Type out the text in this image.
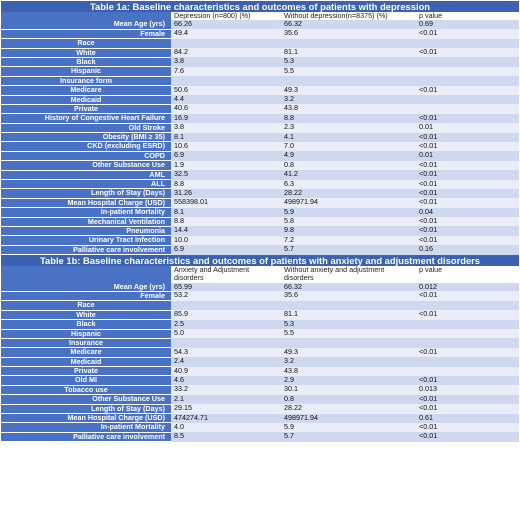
Table 1a: Baseline characteristics and outcomes of patients with depression			
	Depression (n=800) (%)	Without depression(n=8375) (%)	p value
Mean Age (yrs)	66.26	66.32	0.69
Female	49.4	35.6	<0.01
Race			
White	84.2	81.1	<0.01
Black	3.8	5.3	
Hispanic	7.6	5.5	
Insurance form			
Medicare	50.6	49.3	<0.01
Medicaid	4.4	3.2	
Private	40.6	43.8	
History of Congestive Heart Failure	16.9	8.8	<0.01
Old Stroke	3.8	2.3	0.01
Obesity (BMI ≥ 35)	8.1	4.1	<0.01
CKD (excluding ESRD)	10.6	7.0	<0.01
COPD	6.9	4.9	0.01
Other Substance Use	1.9	0.8	<0.01
AML	32.5	41.2	<0.01
ALL	8.8	6.3	<0.01
Length of Stay (Days)	31.26	28.22	<0.01
Mean Hospital Charge (USD)	558398.01	498971.94	<0.01
In-patient Mortality	8.1	5.9	0.04
Mechanical Ventilation	8.8	5.8	<0.01
Pneumonia	14.4	9.8	<0.01
Urinary Tract Infection	10.0	7.2	<0.01
Palliative care involvement	6.9	5.7	0.16
Table 1b: Baseline characteristics and outcomes of patients with anxiety and adjustment disorders			
	Anxiety and Adjustment disorders	Without anxiety and adjustment disorders	p value
Mean Age (yrs)	65.99	66.32	0.012
Female	53.2	35.6	<0.01
Race			
White	85.9	81.1	<0.01
Black	2.5	5.3	
Hispanic	5.0	5.5	
Insurance			
Medicare	54.3	49.3	<0.01
Medicaid	2.4	3.2	
Private	40.9	43.8	
Old MI	4.6	2.9	<0.01
Tobacco use	33.2	30.1	0.013
Other Substance Use	2.1	0.8	<0.01
Length of Stay (Days)	29.15	28.22	<0.01
Mean Hospital Charge (USD)	474274.71	498971.94	0.61
In-patient Mortality	4.0	5.9	<0.01
Palliative care involvement	8.5	5.7	<0.01
